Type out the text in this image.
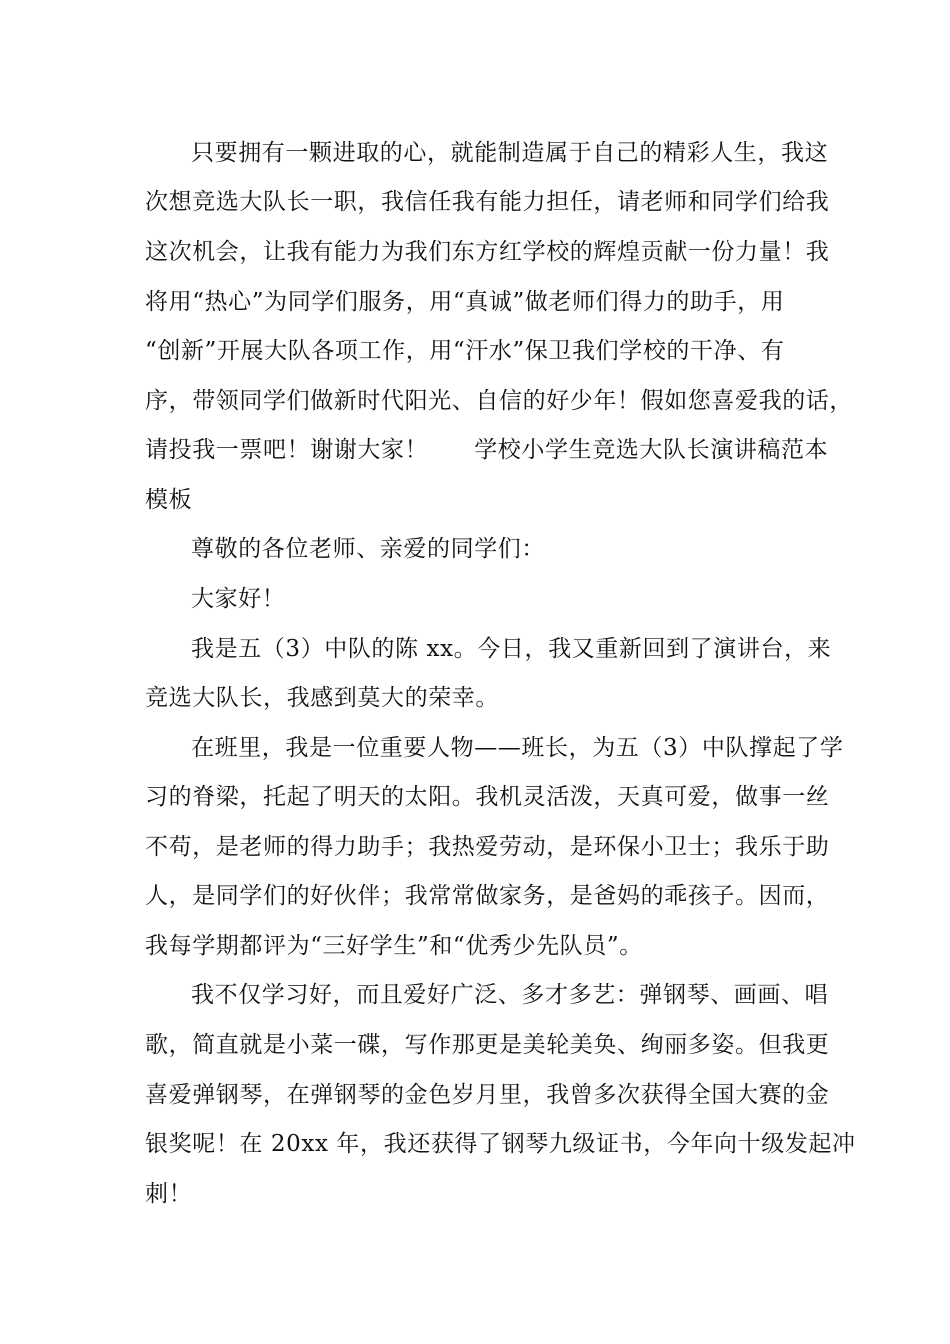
只要拥有一颗进取的心，就能制造属于自己的精彩人生，我这

次想竞选大队长一职，我信任我有能力担任，请老师和同学们给我

这次机会，让我有能力为我们东方红学校的辉煌贡献一份力量！我

将用“热心”为同学们服务，用“真诚”做老师们得力的助手，用

“创新”开展大队各项工作，用“汗水”保卫我们学校的干净、有

序，带领同学们做新时代阳光、自信的好少年！假如您喜爱我的话，

请投我一票吧！谢谢大家！ 学校小学生竞选大队长演讲稿范本

模板

尊敬的各位老师、亲爱的同学们：

大家好！

我是五（3）中队的陈 xx。今日，我又重新回到了演讲台，来

竞选大队长，我感到莫大的荣幸。

在班里，我是一位重要人物——班长，为五（3）中队撑起了学

习的脊梁，托起了明天的太阳。我机灵活泼，天真可爱，做事一丝

不苟，是老师的得力助手；我热爱劳动，是环保小卫士；我乐于助

人，是同学们的好伙伴；我常常做家务，是爸妈的乖孩子。因而，

我每学期都评为“三好学生”和“优秀少先队员”。

我不仅学习好，而且爱好广泛、多才多艺：弹钢琴、画画、唱

歌，简直就是小菜一碟，写作那更是美轮美奂、绚丽多姿。但我更

喜爱弹钢琴，在弹钢琴的金色岁月里，我曾多次获得全国大赛的金

银奖呢！在 20xx 年，我还获得了钢琴九级证书，今年向十级发起冲

刺！
